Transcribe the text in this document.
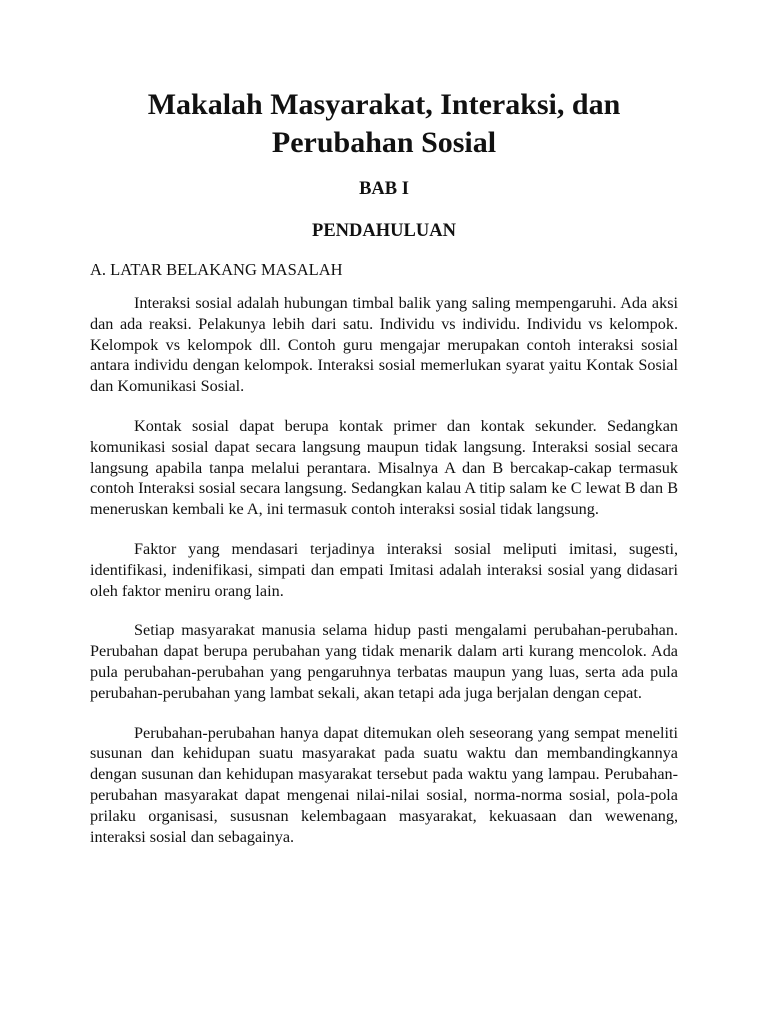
Makalah Masyarakat, Interaksi, dan Perubahan Sosial
BAB I
PENDAHULUAN
A. LATAR BELAKANG MASALAH

Interaksi sosial adalah hubungan timbal balik yang saling mempengaruhi. Ada aksi dan ada reaksi. Pelakunya lebih dari satu. Individu vs individu. Individu vs kelompok. Kelompok vs kelompok dll. Contoh guru mengajar merupakan contoh interaksi sosial antara individu dengan kelompok. Interaksi sosial memerlukan syarat yaitu Kontak Sosial dan Komunikasi Sosial.

Kontak sosial dapat berupa kontak primer dan kontak sekunder. Sedangkan komunikasi sosial dapat secara langsung maupun tidak langsung. Interaksi sosial secara langsung apabila tanpa melalui perantara. Misalnya A dan B bercakap-cakap termasuk contoh Interaksi sosial secara langsung. Sedangkan kalau A titip salam ke C lewat B dan B meneruskan kembali ke A, ini termasuk contoh interaksi sosial tidak langsung.

Faktor yang mendasari terjadinya interaksi sosial meliputi imitasi, sugesti, identifikasi, indenifikasi, simpati dan empati Imitasi adalah interaksi sosial yang didasari oleh faktor meniru orang lain.

Setiap masyarakat manusia selama hidup pasti mengalami perubahan-perubahan. Perubahan dapat berupa perubahan yang tidak menarik dalam arti kurang mencolok. Ada pula perubahan-perubahan yang pengaruhnya terbatas maupun yang luas, serta ada pula perubahan-perubahan yang lambat sekali, akan tetapi ada juga berjalan dengan cepat.

Perubahan-perubahan hanya dapat ditemukan oleh seseorang yang sempat meneliti susunan dan kehidupan suatu masyarakat pada suatu waktu dan membandingkannya dengan susunan dan kehidupan masyarakat tersebut pada waktu yang lampau. Perubahan-perubahan masyarakat dapat mengenai nilai-nilai sosial, norma-norma sosial, pola-pola prilaku organisasi, sususnan kelembagaan masyarakat, kekuasaan dan wewenang, interaksi sosial dan sebagainya.
